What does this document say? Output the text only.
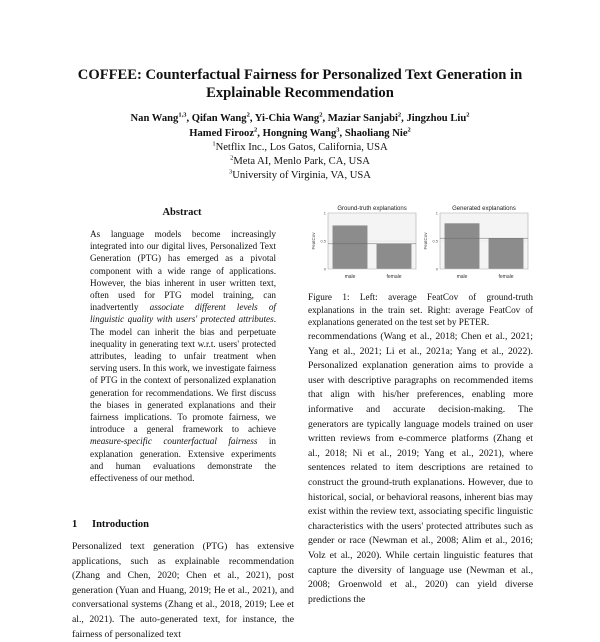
COFFEE: Counterfactual Fairness for Personalized Text Generation in
Explainable Recommendation
Nan Wang$^{1,3}$, Qifan Wang$^2$, Yi-Chia Wang$^2$, Maziar Sanjabi$^2$, Jingzhou Liu$^2$
Hamed Firooz$^2$, Hongning Wang$^3$, Shaoliang Nie$^2$
$^1$Netflix Inc., Los Gatos, California, USA
$^2$Meta AI, Menlo Park, CA, USA
$^3$University of Virginia, VA, USA
Abstract
As language models become increasingly integrated into our digital lives, Personalized Text Generation (PTG) has emerged as a pivotal component with a wide range of applications. However, the bias inherent in user written text, often used for PTG model training, can inadvertently associate different levels of linguistic quality with users' protected attributes. The model can inherit the bias and perpetuate inequality in generating text w.r.t. users' protected attributes, leading to unfair treatment when serving users. In this work, we investigate fairness of PTG in the context of personalized explanation generation for recommendations. We first discuss the biases in generated explanations and their fairness implications. To promote fairness, we introduce a general framework to achieve measure-specific counterfactual fairness in explanation generation. Extensive experiments and human evaluations demonstrate the effectiveness of our method.
1 Introduction
Personalized text generation (PTG) has extensive applications, such as explainable recommendation (Zhang and Chen, 2020; Chen et al., 2021), post generation (Yuan and Huang, 2019; He et al., 2021), and conversational systems (Zhang et al., 2018, 2019; Lee et al., 2021). The auto-generated text, for instance, the fairness of personalized text
Ground-truth explanations
FeatCov
0
0.5
1
male	female
Generated explanations
FeatCov
0
0.5
1
male	female
Figure 1: Left: average FeatCov of ground-truth explanations in the train set. Right: average FeatCov of explanations generated on the test set by PETER.
recommendations (Wang et al., 2018; Chen et al., 2021; Yang et al., 2021; Li et al., 2021a; Yang et al., 2022). Personalized explanation generation aims to provide a user with descriptive paragraphs on recommended items that align with his/her preferences, enabling more informative and accurate decision-making. The generators are typically language models trained on user written reviews from e-commerce platforms (Zhang et al., 2018; Ni et al., 2019; Yang et al., 2021), where sentences related to item descriptions are retained to construct the ground-truth explanations. However, due to historical, social, or behavioral reasons, inherent bias may exist within the review text, associating specific linguistic characteristics with the users' protected attributes such as gender or race (Newman et al., 2008; Alim et al., 2016; Volz et al., 2020). While certain linguistic features that capture the diversity of language use (Newman et al., 2008; Groenwold et al., 2020) can yield diverse predictions the
